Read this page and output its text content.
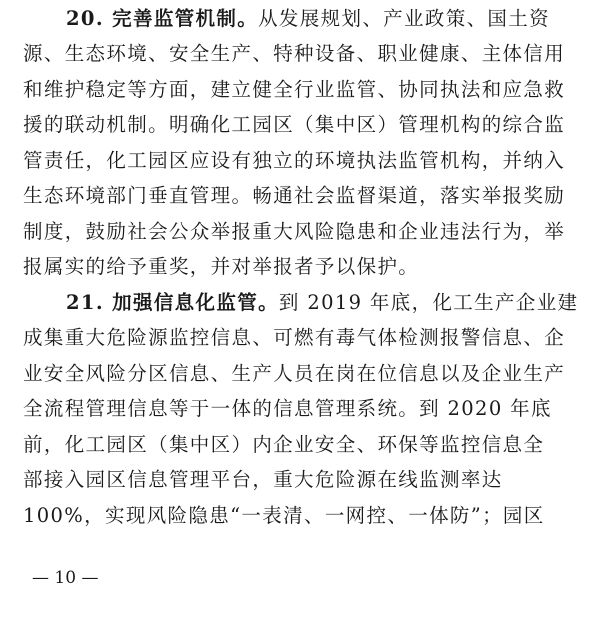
20. 完善监管机制。从发展规划、产业政策、国土资
源、生态环境、安全生产、特种设备、职业健康、主体信用
和维护稳定等方面，建立健全行业监管、协同执法和应急救
援的联动机制。明确化工园区（集中区）管理机构的综合监
管责任，化工园区应设有独立的环境执法监管机构，并纳入
生态环境部门垂直管理。畅通社会监督渠道，落实举报奖励
制度，鼓励社会公众举报重大风险隐患和企业违法行为，举
报属实的给予重奖，并对举报者予以保护。
21. 加强信息化监管。到 2019 年底，化工生产企业建
成集重大危险源监控信息、可燃有毒气体检测报警信息、企
业安全风险分区信息、生产人员在岗在位信息以及企业生产
全流程管理信息等于一体的信息管理系统。到 2020 年底
前，化工园区（集中区）内企业安全、环保等监控信息全
部接入园区信息管理平台，重大危险源在线监测率达
100%，实现风险隐患“一表清、一网控、一体防”；园区
— 10 —
